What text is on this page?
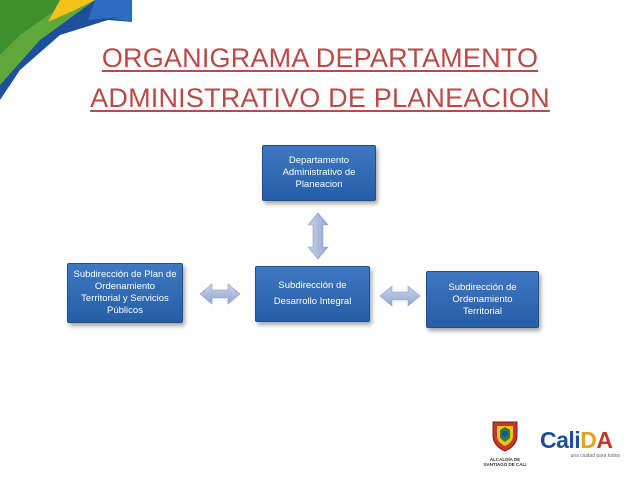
ORGANIGRAMA DEPARTAMENTO
ADMINISTRATIVO DE PLANEACION
Departamento
Administrativo de
Planeacion
Subdirección de Plan de
Ordenamiento
Territorial y Servicios
Públicos
Subdirección de
Desarrollo Integral
Subdirección de
Ordenamiento
Territorial
ALCALDÍA DE
SANTIAGO DE CALI
CaliDA
una ciudad para todos
